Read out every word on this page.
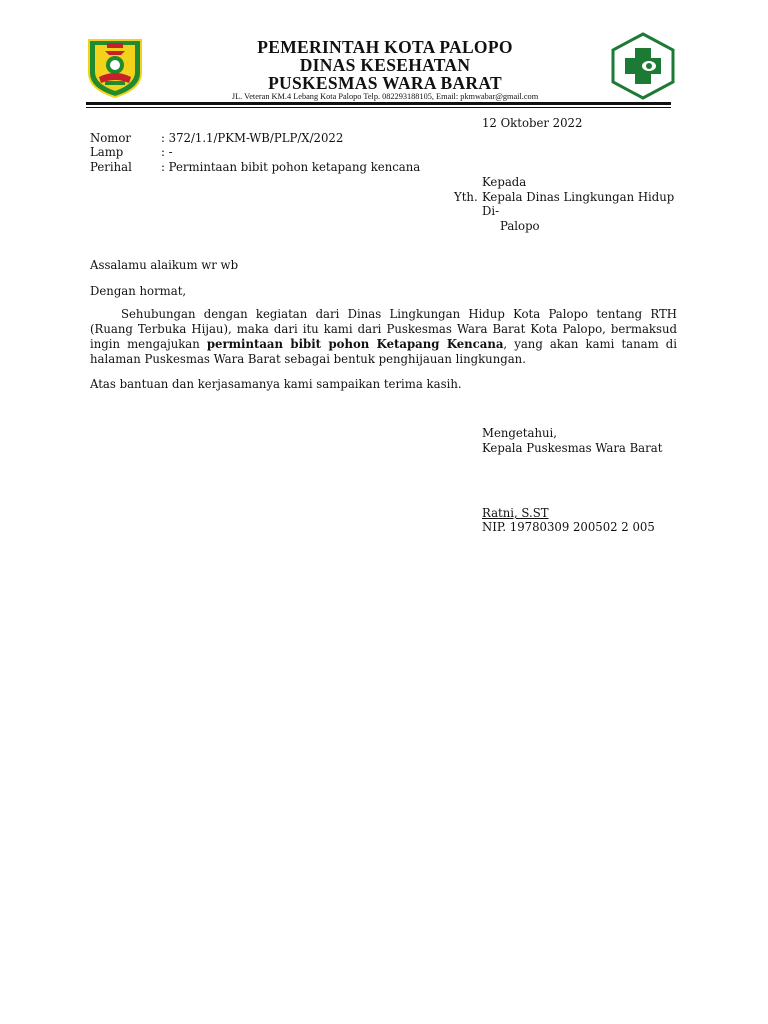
PEMERINTAH KOTA PALOPO
DINAS KESEHATAN
PUSKESMAS WARA BARAT
JL. Veteran KM.4 Lebang Kota Palopo Telp. 082293188105, Email: pkmwabar@gmail.com
12 Oktober 2022
Nomor	: 372/1.1/PKM-WB/PLP/X/2022
Lamp	: -
Perihal : Permintaan bibit pohon ketapang kencana
Kepada
Yth. Kepala Dinas Lingkungan Hidup
Di-
Palopo
Assalamu alaikum wr wb
Dengan hormat,
Sehubungan dengan kegiatan dari Dinas Lingkungan Hidup Kota Palopo tentang RTH (Ruang Terbuka Hijau), maka dari itu kami dari Puskesmas Wara Barat Kota Palopo, bermaksud ingin mengajukan permintaan bibit pohon Ketapang Kencana, yang akan kami tanam di halaman Puskesmas Wara Barat sebagai bentuk penghijauan lingkungan.
Atas bantuan dan kerjasamanya kami sampaikan terima kasih.
Mengetahui,
Kepala Puskesmas Wara Barat
Ratni, S.ST
NIP. 19780309 200502 2 005
